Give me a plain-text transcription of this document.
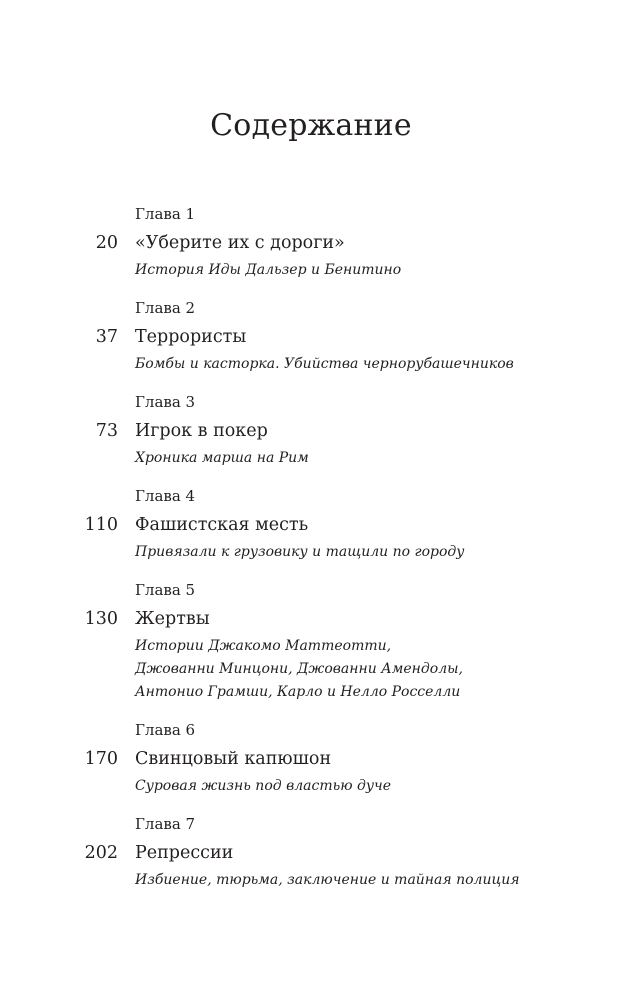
Содержание
Глава 1
20 «Уберите их с дороги»
История Иды Дальзер и Бенитино
Глава 2
37 Террористы
Бомбы и касторка. Убийства чернорубашечников
Глава 3
73 Игрок в покер
Хроника марша на Рим
Глава 4
110 Фашистская месть
Привязали к грузовику и тащили по городу
Глава 5
130 Жертвы
Истории Джакомо Маттеотти,
Джованни Минцони, Джованни Амендолы,
Антонио Грамши, Карло и Нелло Росселли
Глава 6
170 Свинцовый капюшон
Суровая жизнь под властью дуче
Глава 7
202 Репрессии
Избиение, тюрьма, заключение и тайная полиция
